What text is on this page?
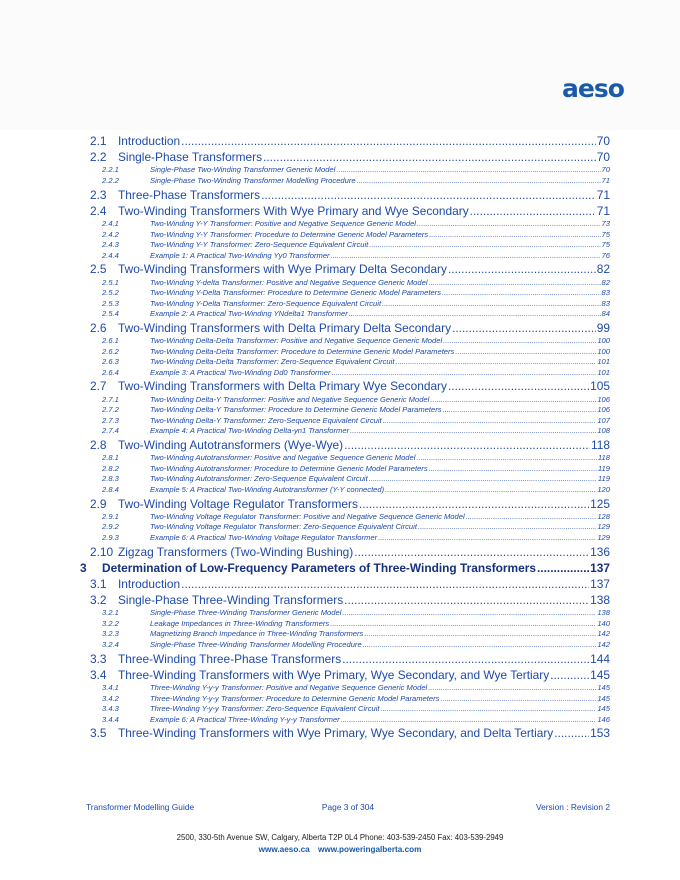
aeso
2.1 Introduction .....	70
2.2 Single-Phase Transformers .....	70
2.2.1	Single-Phase Two-Winding Transformer Generic Model .....	70
2.2.2	Single-Phase Two-Winding Transformer Modelling Procedure .....	71
2.3 Three-Phase Transformers .....	71
2.4 Two-Winding Transformers With Wye Primary and Wye Secondary .....	71
2.4.1	Two-Winding Y-Y Transformer: Positive and Negative Sequence Generic Model .....	73
2.4.2	Two-Winding Y-Y Transformer: Procedure to Determine Generic Model Parameters .....	75
2.4.3	Two-Winding Y-Y Transformer: Zero-Sequence Equivalent Circuit .....	75
2.4.4	Example 1: A Practical Two-Winding Yy0 Transformer .....	76
2.5 Two-Winding Transformers with Wye Primary Delta Secondary .....	82
2.5.1	Two-Winding Y-delta Transformer: Positive and Negative Sequence Generic Model .....	82
2.5.2	Two-Winding Y-Delta Transformer: Procedure to Determine Generic Model Parameters .....	83
2.5.3	Two-Winding Y-Delta Transformer: Zero-Sequence Equivalent Circuit .....	83
2.5.4	Example 2: A Practical Two-Winding YNdelta1 Transformer .....	84
2.6 Two-Winding Transformers with Delta Primary Delta Secondary .....	99
2.6.1	Two-Winding Delta-Delta Transformer: Positive and Negative Sequence Generic Model .....	100
2.6.2	Two-Winding Delta-Delta Transformer: Procedure to Determine Generic Model Parameters .....	100
2.6.3	Two-Winding Delta-Delta Transformer: Zero-Sequence Equivalent Circuit .....	101
2.6.4	Example 3: A Practical Two-Winding Dd0 Transformer .....	101
2.7 Two-Winding Transformers with Delta Primary Wye Secondary .....	105
2.7.1	Two-Winding Delta-Y Transformer: Positive and Negative Sequence Generic Model .....	106
2.7.2	Two-Winding Delta-Y Transformer: Procedure to Determine Generic Model Parameters .....	106
2.7.3	Two-Winding Delta-Y Transformer: Zero-Sequence Equivalent Circuit .....	107
2.7.4	Example 4: A Practical Two-Winding Delta-yn1 Transformer .....	108
2.8 Two-Winding Autotransformers (Wye-Wye) .....	118
2.8.1	Two-Winding Autotransformer: Positive and Negative Sequence Generic Model .....	118
2.8.2	Two-Winding Autotransformer: Procedure to Determine Generic Model Parameters .....	119
2.8.3	Two-Winding Autotransformer: Zero-Sequence Equivalent Circuit .....	119
2.8.4	Example 5: A Practical Two-Winding Autotransformer (Y-Y connected) .....	120
2.9 Two-Winding Voltage Regulator Transformers .....	125
2.9.1	Two-Winding Voltage Regulator Transformer: Positive and Negative Sequence Generic Model .....	128
2.9.2	Two-Winding Voltage Regulator Transformer: Zero-Sequence Equivalent Circuit .....	129
2.9.3	Example 6: A Practical Two-Winding Voltage Regulator Transformer .....	129
2.10 Zigzag Transformers (Two-Winding Bushing) .....	136
3	Determination of Low-Frequency Parameters of Three-Winding Transformers .....	137
3.1 Introduction .....	137
3.2 Single-Phase Three-Winding Transformers .....	138
3.2.1	Single-Phase Three-Winding Transformer Generic Model .....	138
3.2.2	Leakage Impedances in Three-Winding Transformers .....	140
3.2.3	Magnetizing Branch Impedance in Three-Winding Transformers .....	142
3.2.4	Single-Phase Three-Winding Transformer Modelling Procedure .....	142
3.3 Three-Winding Three-Phase Transformers .....	144
3.4 Three-Winding Transformers with Wye Primary, Wye Secondary, and Wye Tertiary .....	145
3.4.1	Three-Winding Y-y-y Transformer: Positive and Negative Sequence Generic Model .....	145
3.4.2	Three-Winding Y-y-y Transformer: Procedure to Determine Generic Model Parameters .....	145
3.4.3	Three-Winding Y-y-y Transformer: Zero-Sequence Equivalent Circuit .....	145
3.4.4	Example 6: A Practical Three-Winding Y-y-y Transformer .....	146
3.5 Three-Winding Transformers with Wye Primary, Wye Secondary, and Delta Tertiary .....	153
Transformer Modelling Guide	Page 3 of 304	Version : Revision 2
2500, 330-5th Avenue SW, Calgary, Alberta T2P 0L4 Phone: 403-539-2450 Fax: 403-539-2949
www.aeso.ca www.poweringalberta.com
